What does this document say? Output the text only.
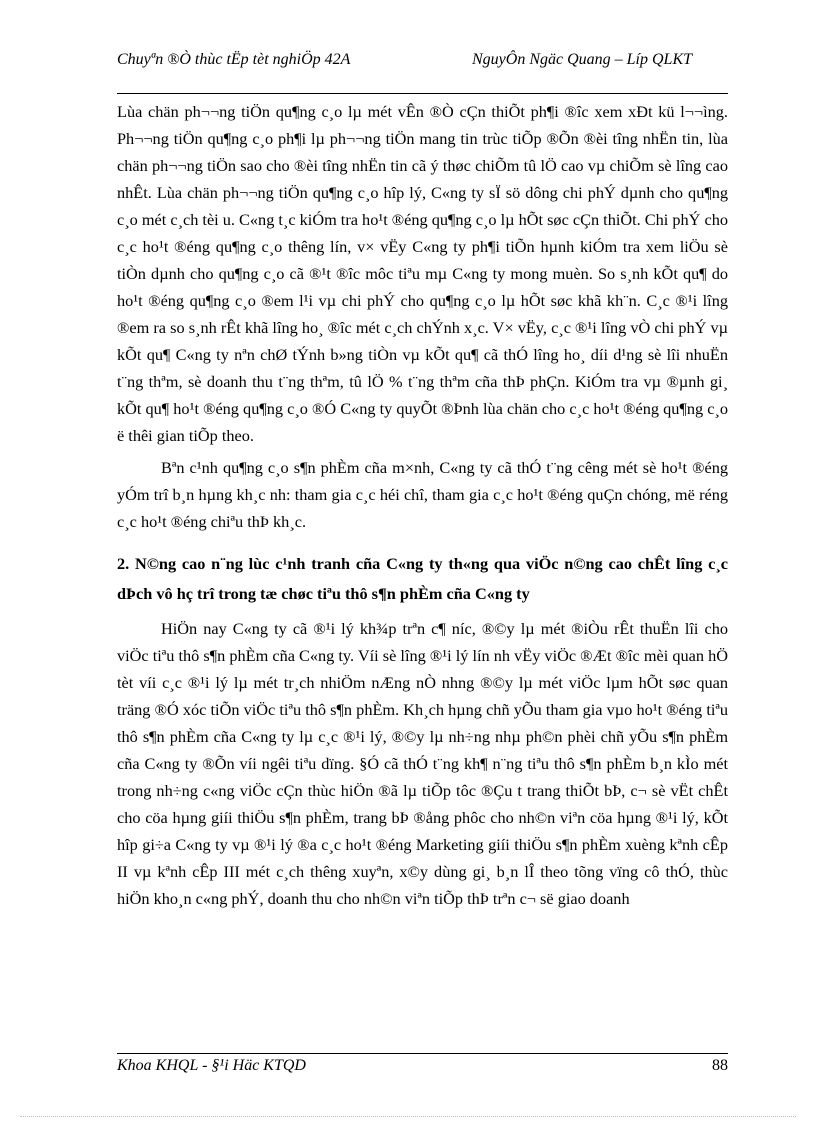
Chuyªn ®Ò thùc tËp tèt nghiÖp 42A	NguyÔn Ngäc Quang – Líp QLKT

Lùa chän ph¬¬ng tiÖn qu¶ng c¸o lµ mét vÊn ®Ò cÇn thiÕt ph¶i ®îc xem xÐt kü l¬¬ìng. Ph¬¬ng tiÖn qu¶ng c¸o ph¶i lµ ph¬¬ng tiÖn mang tin trùc tiÕp ®Õn ®èi tîng nhËn tin, lùa chän ph¬¬ng tiÖn sao cho ®èi tîng nhËn tin cã ý thøc chiÕm tû lÖ cao vµ chiÕm sè lîng cao nhÊt. Lùa chän ph¬¬ng tiÖn qu¶ng c¸o hîp lý, C«ng ty sÏ sö dông chi phÝ dµnh cho qu¶ng c¸o mét c¸ch tèi u. C«ng t¸c kiÓm tra ho¹t ®éng qu¶ng c¸o lµ hÕt søc cÇn thiÕt. Chi phÝ cho c¸c ho¹t ®éng qu¶ng c¸o thêng lín, v× vËy C«ng ty ph¶i tiÕn hµnh kiÓm tra xem liÖu sè tiÒn dµnh cho qu¶ng c¸o cã ®¹t ®îc môc tiªu mµ C«ng ty mong muèn. So s¸nh kÕt qu¶ do ho¹t ®éng qu¶ng c¸o ®em l¹i vµ chi phÝ cho qu¶ng c¸o lµ hÕt søc khã kh¨n. C¸c ®¹i lîng ®em ra so s¸nh rÊt khã lîng ho¸ ®îc mét c¸ch chÝnh x¸c. V× vËy, c¸c ®¹i lîng vÒ chi phÝ vµ kÕt qu¶ C«ng ty nªn chØ tÝnh b»ng tiÒn vµ kÕt qu¶ cã thÓ lîng ho¸ díi d¹ng sè lîi nhuËn t¨ng thªm, sè doanh thu t¨ng thªm, tû lÖ % t¨ng thªm cña thÞ phÇn. KiÓm tra vµ ®µnh gi¸ kÕt qu¶ ho¹t ®éng qu¶ng c¸o ®Ó C«ng ty quyÕt ®Þnh lùa chän cho c¸c ho¹t ®éng qu¶ng c¸o ë thêi gian tiÕp theo.

Bªn c¹nh qu¶ng c¸o s¶n phÈm cña m×nh, C«ng ty cã thÓ t¨ng cêng mét sè ho¹t ®éng yÓm trî b¸n hµng kh¸c nh: tham gia c¸c héi chî, tham gia c¸c ho¹t ®éng quÇn chóng, më réng c¸c ho¹t ®éng chiªu thÞ kh¸c.

2. N©ng cao n¨ng lùc c¹nh tranh cña C«ng ty th«ng qua viÖc n©ng cao chÊt lîng c¸c dÞch vô hç trî trong tæ chøc tiªu thô s¶n phÈm cña C«ng ty

HiÖn nay C«ng ty cã ®¹i lý kh¾p trªn c¶ níc, ®©y lµ mét ®iÒu rÊt thuËn lîi cho viÖc tiªu thô s¶n phÈm cña C«ng ty. Víi sè lîng ®¹i lý lín nh vËy viÖc ®Æt ®îc mèi quan hÖ tèt víi c¸c ®¹i lý lµ mét tr¸ch nhiÖm nÆng nÒ nhng ®©y lµ mét viÖc lµm hÕt søc quan träng ®Ó xóc tiÕn viÖc tiªu thô s¶n phÈm. Kh¸ch hµng chñ yÕu tham gia vµo ho¹t ®éng tiªu thô s¶n phÈm cña C«ng ty lµ c¸c ®¹i lý, ®©y lµ nh÷ng nhµ ph©n phèi chñ yÕu s¶n phÈm cña C«ng ty ®Õn víi ngêi tiªu dïng. §Ó cã thÓ t¨ng kh¶ n¨ng tiªu thô s¶n phÈm b¸n kÌo mét trong nh÷ng c«ng viÖc cÇn thùc hiÖn ®ã lµ tiÕp tôc ®Çu t trang thiÕt bÞ, c¬ sè vËt chÊt cho cöa hµng giíi thiÖu s¶n phÈm, trang bÞ ®ång phôc cho nh©n viªn cöa hµng ®¹i lý, kÕt hîp gi÷a C«ng ty vµ ®¹i lý ®a c¸c ho¹t ®éng Marketing giíi thiÖu s¶n phÈm xuèng kªnh cÊp II vµ kªnh cÊp III mét c¸ch thêng xuyªn, x©y dùng gi¸ b¸n lÎ theo tõng vïng cô thÓ, thùc hiÖn kho¸n c«ng phÝ, doanh thu cho nh©n viªn tiÕp thÞ trªn c¬ së giao doanh

Khoa KHQL - §¹i Häc KTQD	88
